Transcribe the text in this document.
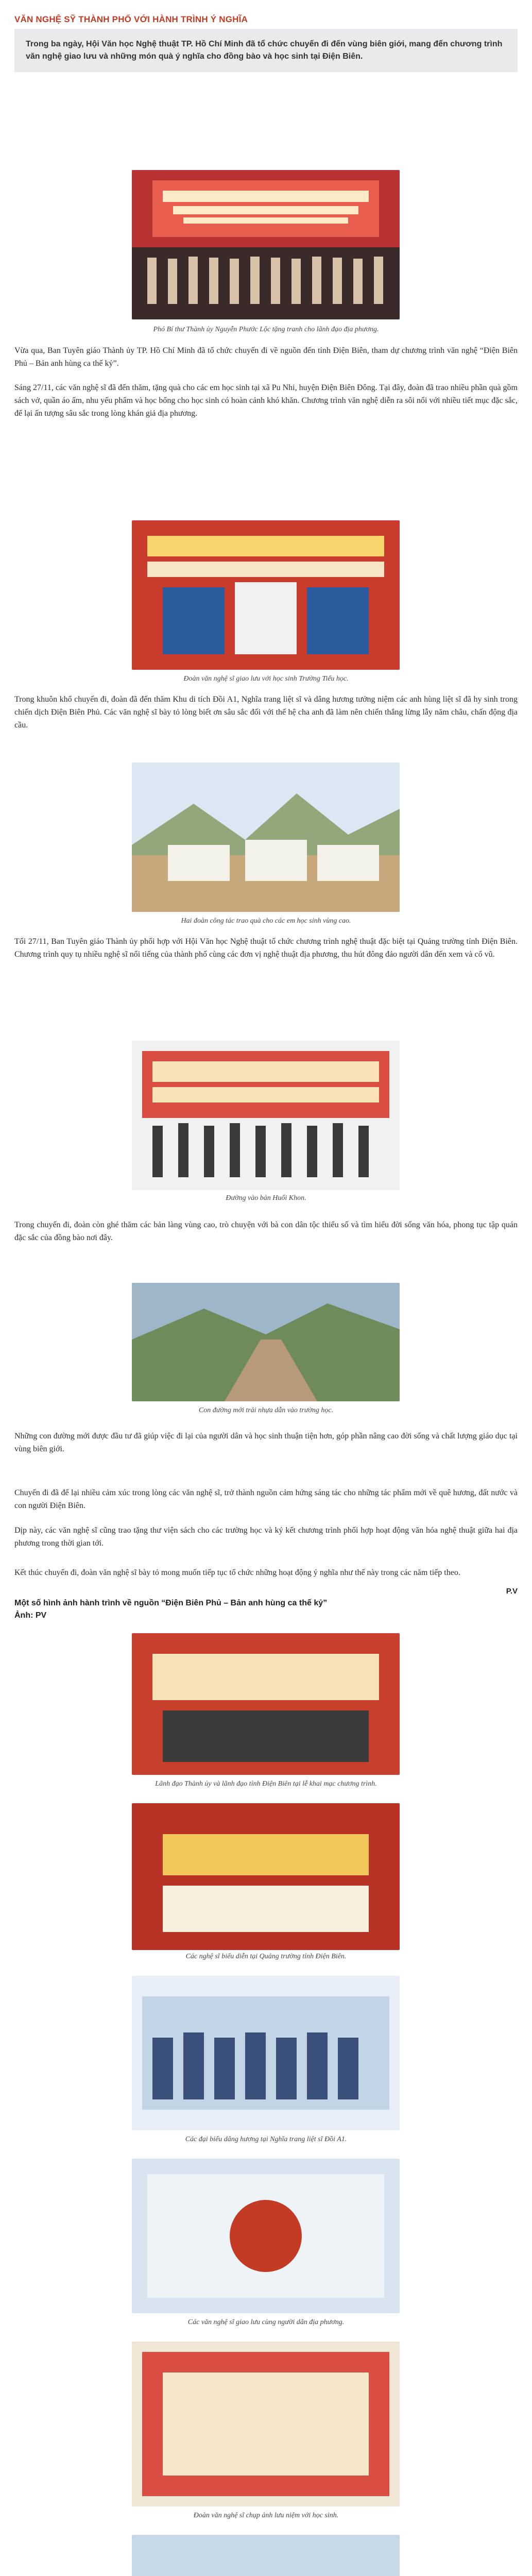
VĂN NGHỆ SỸ THÀNH PHỐ VỚI HÀNH TRÌNH Ý NGHĨA
Trong ba ngày, Hội Văn học Nghệ thuật TP. Hồ Chí Minh đã tổ chức chuyến đi đến vùng biên giới, mang đến chương trình văn nghệ giao lưu và những món quà ý nghĩa cho đồng bào và học sinh tại Điện Biên.
Phó Bí thư Thành ủy Nguyễn Phước Lộc tặng tranh cho lãnh đạo địa phương.
Vừa qua, Ban Tuyên giáo Thành ủy TP. Hồ Chí Minh đã tổ chức chuyến đi về nguồn đến tỉnh Điện Biên, tham dự chương trình văn nghệ “Điện Biên Phủ – Bản anh hùng ca thế kỷ”.
Sáng 27/11, các văn nghệ sĩ đã đến thăm, tặng quà cho các em học sinh tại xã Pu Nhi, huyện Điện Biên Đông. Tại đây, đoàn đã trao nhiều phần quà gồm sách vở, quần áo ấm, nhu yếu phẩm và học bổng cho học sinh có hoàn cảnh khó khăn. Chương trình văn nghệ diễn ra sôi nổi với nhiều tiết mục đặc sắc, để lại ấn tượng sâu sắc trong lòng khán giả địa phương.
Đoàn văn nghệ sĩ giao lưu với học sinh Trường Tiểu học.
Trong khuôn khổ chuyến đi, đoàn đã đến thăm Khu di tích Đồi A1, Nghĩa trang liệt sĩ và dâng hương tưởng niệm các anh hùng liệt sĩ đã hy sinh trong chiến dịch Điện Biên Phủ. Các văn nghệ sĩ bày tỏ lòng biết ơn sâu sắc đối với thế hệ cha anh đã làm nên chiến thắng lừng lẫy năm châu, chấn động địa cầu.
Hai đoàn công tác trao quà cho các em học sinh vùng cao.
Tối 27/11, Ban Tuyên giáo Thành ủy phối hợp với Hội Văn học Nghệ thuật tổ chức chương trình nghệ thuật đặc biệt tại Quảng trường tỉnh Điện Biên. Chương trình quy tụ nhiều nghệ sĩ nổi tiếng của thành phố cùng các đơn vị nghệ thuật địa phương, thu hút đông đảo người dân đến xem và cổ vũ.
Đường vào bản Huổi Khon.
Trong chuyến đi, đoàn còn ghé thăm các bản làng vùng cao, trò chuyện với bà con dân tộc thiểu số và tìm hiểu đời sống văn hóa, phong tục tập quán đặc sắc của đồng bào nơi đây.
Con đường mới trải nhựa dẫn vào trường học.
Những con đường mới được đầu tư đã giúp việc đi lại của người dân và học sinh thuận tiện hơn, góp phần nâng cao đời sống và chất lượng giáo dục tại vùng biên giới.
Chuyến đi đã để lại nhiều cảm xúc trong lòng các văn nghệ sĩ, trở thành nguồn cảm hứng sáng tác cho những tác phẩm mới về quê hương, đất nước và con người Điện Biên.
Dịp này, các văn nghệ sĩ cũng trao tặng thư viện sách cho các trường học và ký kết chương trình phối hợp hoạt động văn hóa nghệ thuật giữa hai địa phương trong thời gian tới.
Kết thúc chuyến đi, đoàn văn nghệ sĩ bày tỏ mong muốn tiếp tục tổ chức những hoạt động ý nghĩa như thế này trong các năm tiếp theo.
P.V
Một số hình ảnh hành trình về nguồn “Điện Biên Phủ – Bản anh hùng ca thế kỷ”
Ảnh: PV
Lãnh đạo Thành ủy và lãnh đạo tỉnh Điện Biên tại lễ khai mạc chương trình.
Các nghệ sĩ biểu diễn tại Quảng trường tỉnh Điện Biên.
Các đại biểu dâng hương tại Nghĩa trang liệt sĩ Đồi A1.
Các văn nghệ sĩ giao lưu cùng người dân địa phương.
Đoàn văn nghệ sĩ chụp ảnh lưu niệm với học sinh.
